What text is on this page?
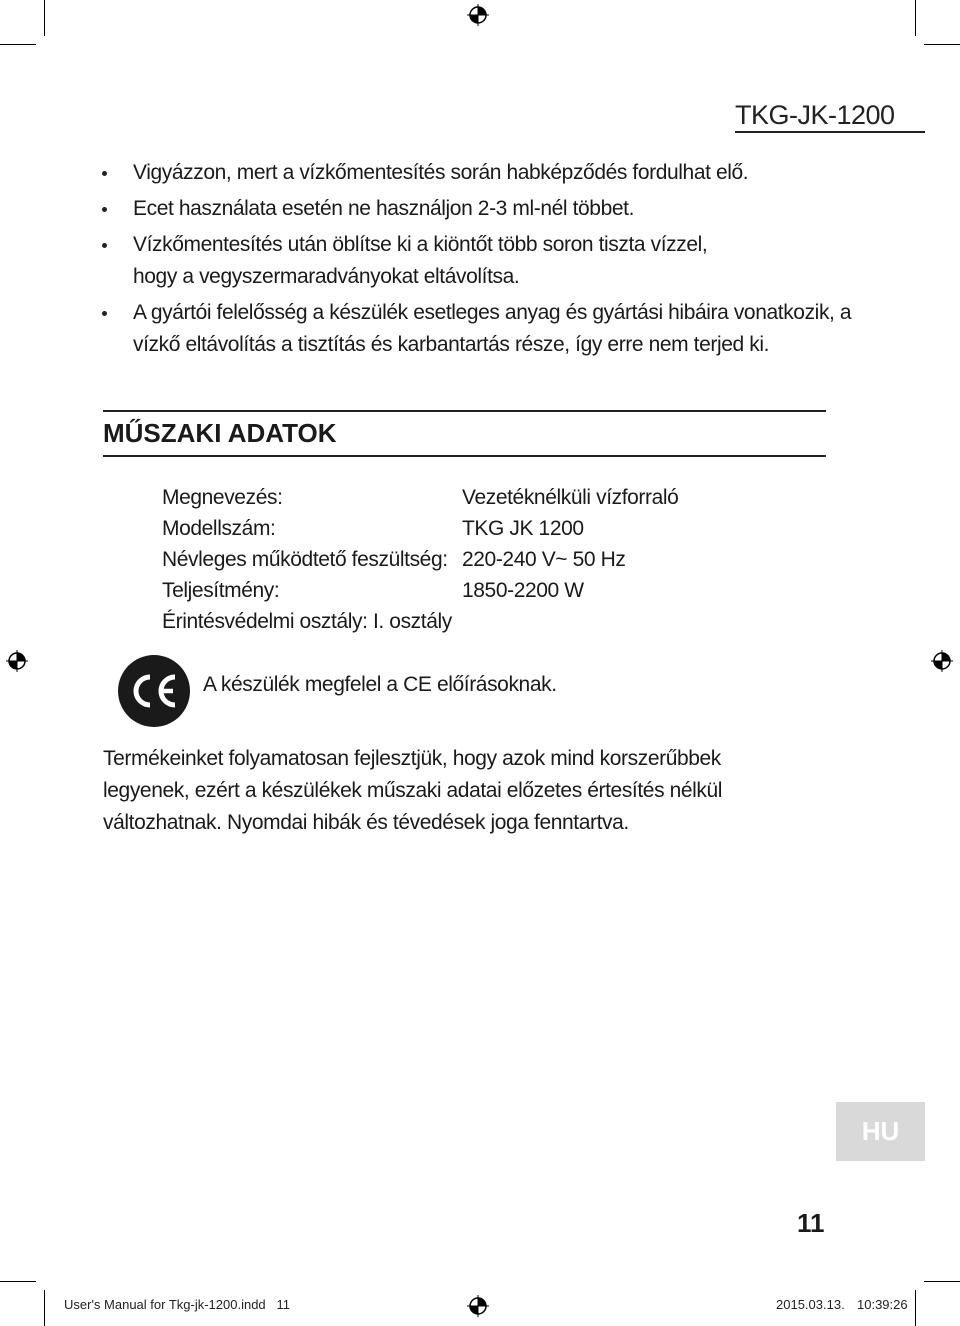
TKG-JK-1200
Vigyázzon, mert a vízkőmentesítés során habképződés fordulhat elő.
Ecet használata esetén ne használjon 2-3 ml-nél többet.
Vízkőmentesítés után öblítse ki a kiöntőt több soron tiszta vízzel, hogy a vegyszermaradványokat eltávolítsa.
A gyártói felelősség a készülék esetleges anyag és gyártási hibáira vonatkozik, a vízkő eltávolítás a tisztítás és karbantartás része, így erre nem terjed ki.
MŰSZAKI ADATOK
Megnevezés:	Vezetéknélküli vízforraló
Modellszám:	TKG JK 1200
Névleges működtető feszültség: 220-240 V~ 50 Hz
Teljesítmény:	1850-2200 W
Érintésvédelmi osztály: I. osztály
A készülék megfelel a CE előírásoknak.
Termékeinket folyamatosan fejlesztjük, hogy azok mind korszerűbbek legyenek, ezért a készülékek műszaki adatai előzetes értesítés nélkül változhatnak. Nyomdai hibák és tévedések joga fenntartva.
HU
11
User's Manual for Tkg-jk-1200.indd   11	2015.03.13. 10:39:26
